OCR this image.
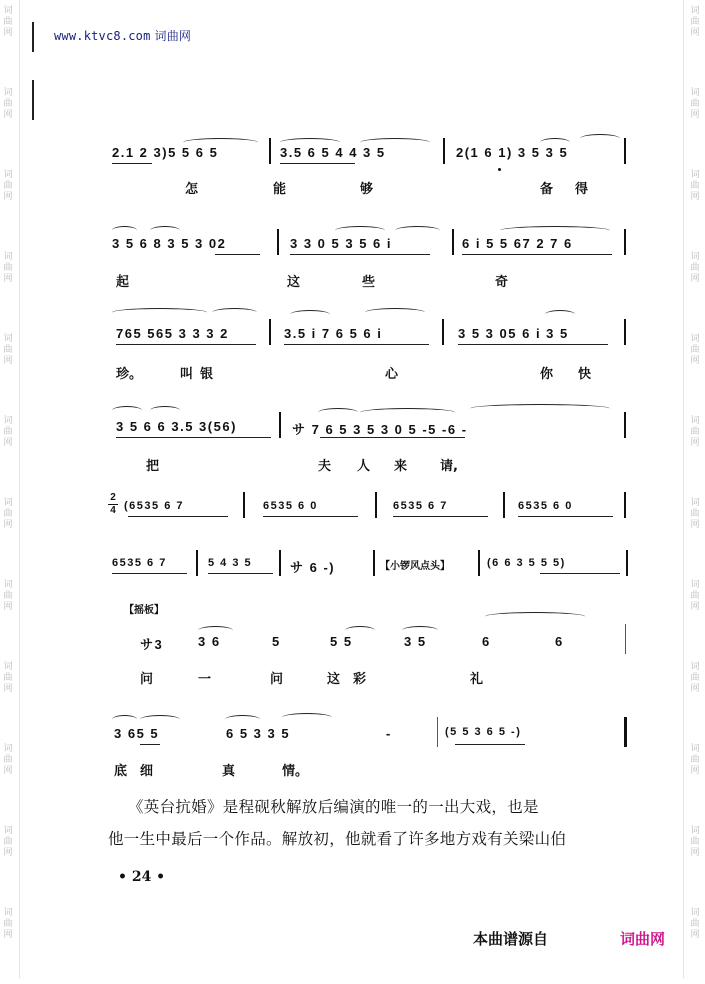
词曲网
词曲网
词曲网
词曲网
词曲网
词曲网
词曲网
词曲网
词曲网
词曲网
词曲网
词曲网
词曲网
词曲网
词曲网
词曲网
词曲网
词曲网
词曲网
词曲网
词曲网
词曲网
词曲网
词曲网
www.ktvc8.com 词曲网
2.1 2 3)5 5 6 5	3.5 6 5 4 4 3 5	2(1 6 1) 3 5 3 5
怎	能	够	备 得
3 5 6 8 3 5 3 02	3 3 0 5 3 5 6 i	6 i 5 5 67 2 7 6
起	这	些	奇
765 565 3 3 3 2	3.5 i 7 6 5 6 i	3 5 3 05 6 i 3 5
珍。	叫 银	心	你 快
3 5 6 6 3.5 3(56)	サ 7 6 5 3 5 3 0 5 -5 -6 -
把	夫 人 来	请,
2
4 (6535 6 7	6535 6 0	6535 6 7	6535 6 0
6535 6 7	5 4 3 5	サ 6 -)	【小锣风点头】	(6 6 3 5 5 5)
【摇板】
サ3	3 6	5	5 5	3 5	6	6
问	一	问	这 彩	礼
3 65 5	6 5 3 3 5	-	(5 5 3 6 5 -)
底 细	真	情。
《英台抗婚》是程砚秋解放后编演的唯一的一出大戏，也是
他一生中最后一个作品。解放初，他就看了许多地方戏有关梁山伯
• 24 •
本曲谱源自	词曲网
